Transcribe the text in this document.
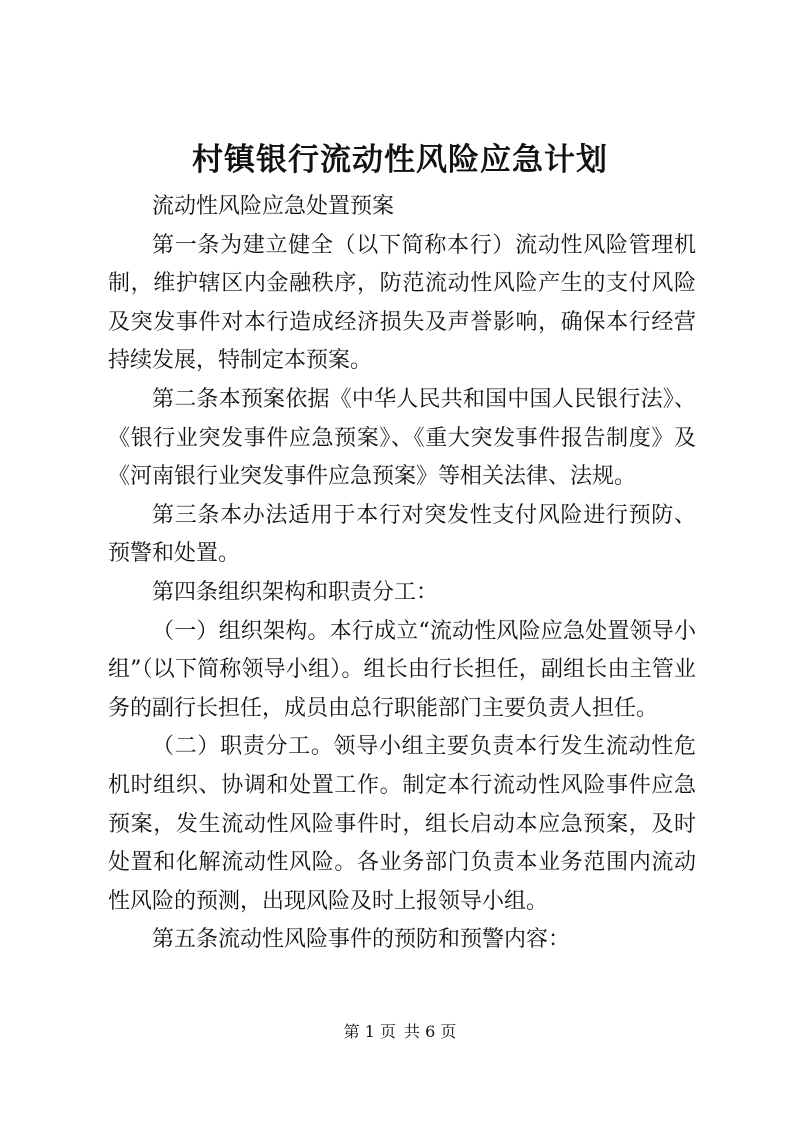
村镇银行流动性风险应急计划

流动性风险应急处置预案

第一条为建立健全（以下简称本行）流动性风险管理机制，维护辖区内金融秩序，防范流动性风险产生的支付风险及突发事件对本行造成经济损失及声誉影响，确保本行经营持续发展，特制定本预案。

第二条本预案依据《中华人民共和国中国人民银行法》、《银行业突发事件应急预案》、《重大突发事件报告制度》及《河南银行业突发事件应急预案》等相关法律、法规。

第三条本办法适用于本行对突发性支付风险进行预防、预警和处置。

第四条组织架构和职责分工：

（一）组织架构。本行成立“流动性风险应急处置领导小组”（以下简称领导小组）。组长由行长担任，副组长由主管业务的副行长担任，成员由总行职能部门主要负责人担任。

（二）职责分工。领导小组主要负责本行发生流动性危机时组织、协调和处置工作。制定本行流动性风险事件应急预案，发生流动性风险事件时，组长启动本应急预案，及时处置和化解流动性风险。各业务部门负责本业务范围内流动性风险的预测，出现风险及时上报领导小组。

第五条流动性风险事件的预防和预警内容：

第 1 页 共 6 页
